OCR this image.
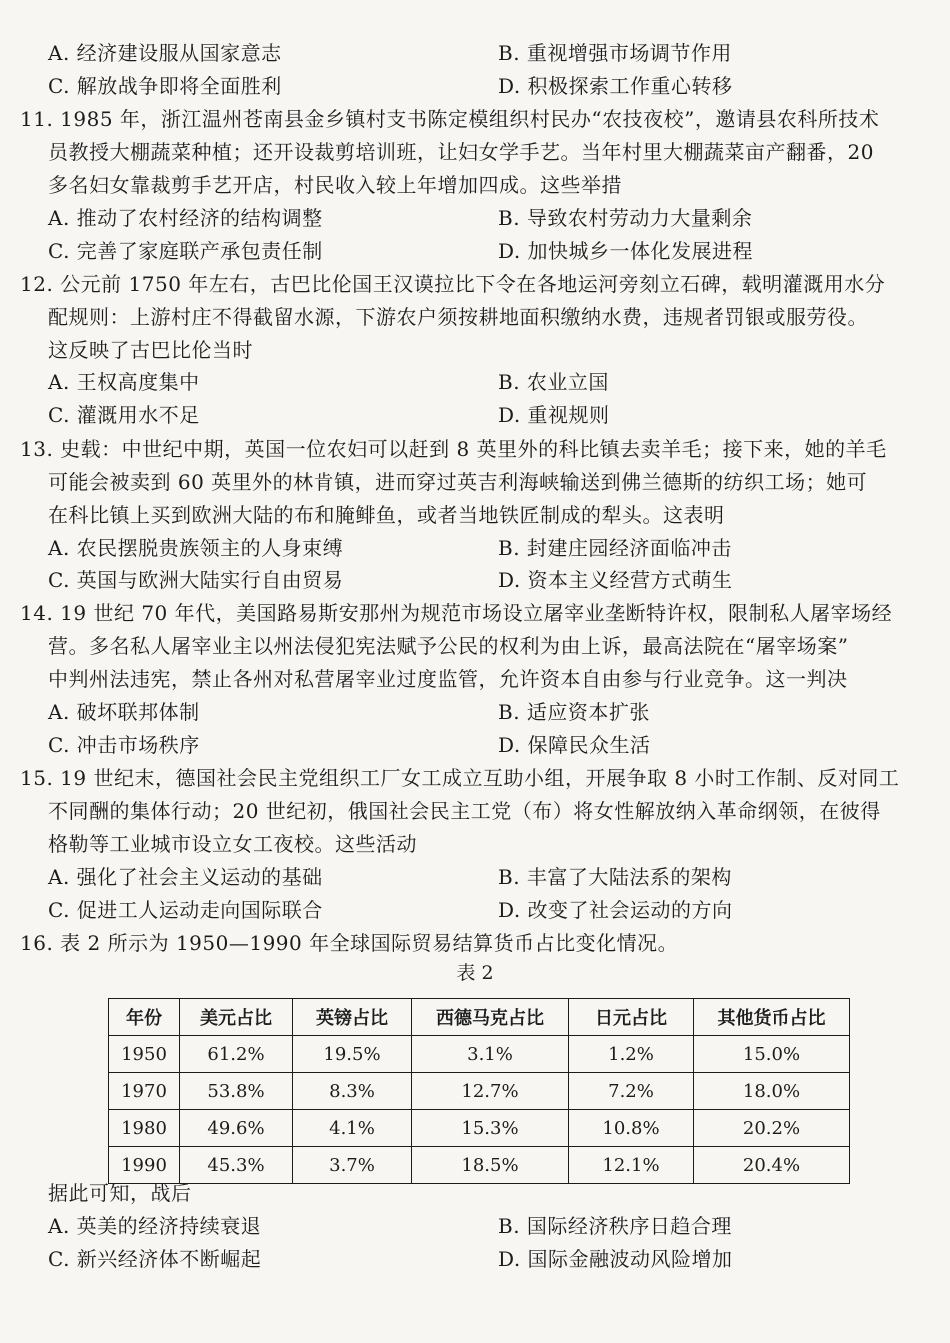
A. 经济建设服从国家意志	B. 重视增强市场调节作用
C. 解放战争即将全面胜利	D. 积极探索工作重心转移
11. 1985 年，浙江温州苍南县金乡镇村支书陈定模组织村民办“农技夜校”，邀请县农科所技术
员教授大棚蔬菜种植；还开设裁剪培训班，让妇女学手艺。当年村里大棚蔬菜亩产翻番，20
多名妇女靠裁剪手艺开店，村民收入较上年增加四成。这些举措
A. 推动了农村经济的结构调整	B. 导致农村劳动力大量剩余
C. 完善了家庭联产承包责任制	D. 加快城乡一体化发展进程
12. 公元前 1750 年左右，古巴比伦国王汉谟拉比下令在各地运河旁刻立石碑，载明灌溉用水分
配规则：上游村庄不得截留水源，下游农户须按耕地面积缴纳水费，违规者罚银或服劳役。
这反映了古巴比伦当时
A. 王权高度集中	B. 农业立国
C. 灌溉用水不足	D. 重视规则
13. 史载：中世纪中期，英国一位农妇可以赶到 8 英里外的科比镇去卖羊毛；接下来，她的羊毛
可能会被卖到 60 英里外的林肯镇，进而穿过英吉利海峡输送到佛兰德斯的纺织工场；她可
在科比镇上买到欧洲大陆的布和腌鲱鱼，或者当地铁匠制成的犁头。这表明
A. 农民摆脱贵族领主的人身束缚	B. 封建庄园经济面临冲击
C. 英国与欧洲大陆实行自由贸易	D. 资本主义经营方式萌生
14. 19 世纪 70 年代，美国路易斯安那州为规范市场设立屠宰业垄断特许权，限制私人屠宰场经
营。多名私人屠宰业主以州法侵犯宪法赋予公民的权利为由上诉，最高法院在“屠宰场案”
中判州法违宪，禁止各州对私营屠宰业过度监管，允许资本自由参与行业竞争。这一判决
A. 破坏联邦体制	B. 适应资本扩张
C. 冲击市场秩序	D. 保障民众生活
15. 19 世纪末，德国社会民主党组织工厂女工成立互助小组，开展争取 8 小时工作制、反对同工
不同酬的集体行动；20 世纪初，俄国社会民主工党（布）将女性解放纳入革命纲领，在彼得
格勒等工业城市设立女工夜校。这些活动
A. 强化了社会主义运动的基础	B. 丰富了大陆法系的架构
C. 促进工人运动走向国际联合	D. 改变了社会运动的方向
16. 表 2 所示为 1950—1990 年全球国际贸易结算货币占比变化情况。
表 2
年份	美元占比	英镑占比	西德马克占比	日元占比	其他货币占比
1950	61.2%	19.5%	3.1%	1.2%	15.0%
1970	53.8%	8.3%	12.7%	7.2%	18.0%
1980	49.6%	4.1%	15.3%	10.8%	20.2%
1990	45.3%	3.7%	18.5%	12.1%	20.4%
据此可知，战后
A. 英美的经济持续衰退	B. 国际经济秩序日趋合理
C. 新兴经济体不断崛起	D. 国际金融波动风险增加
